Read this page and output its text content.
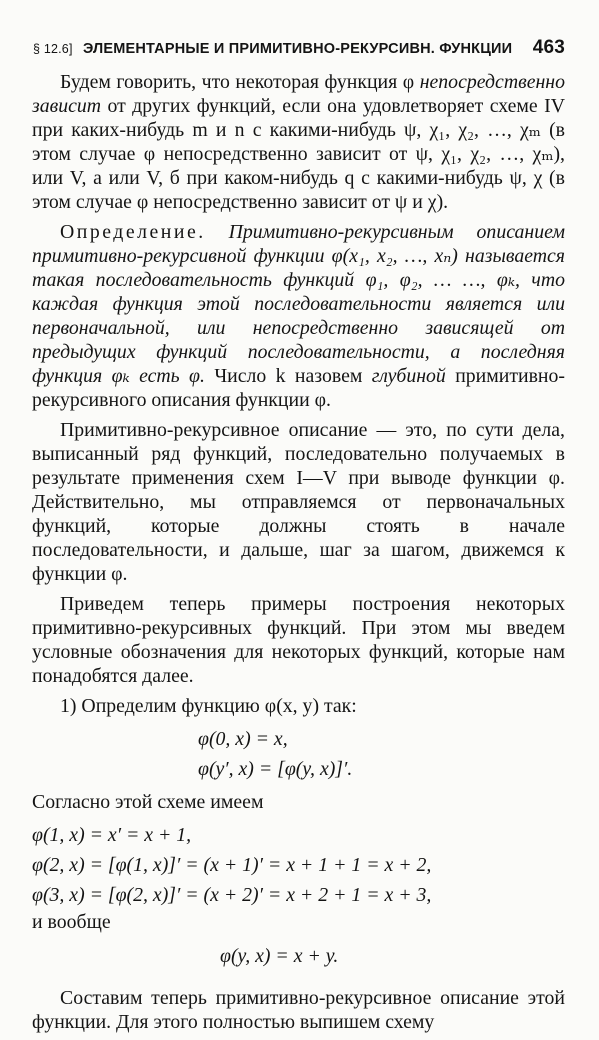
§ 12.6] ЭЛЕМЕНТАРНЫЕ И ПРИМИТИВНО-РЕКУРСИВН. ФУНКЦИИ 463

Будем говорить, что некоторая функция φ непосредственно зависит от других функций, если она удовлетворяет схеме IV при каких-нибудь m и n с какими-нибудь ψ, χ₁, χ₂, …, χₘ (в этом случае φ непосредственно зависит от ψ, χ₁, χ₂, …, χₘ), или V, a или V, б при каком-нибудь q с какими-нибудь ψ, χ (в этом случае φ непосредственно зависит от ψ и χ).

Определение. Примитивно-рекурсивным описанием примитивно-рекурсивной функции φ(x₁, x₂, …, xₙ) называется такая последовательность функций φ₁, φ₂, … …, φₖ, что каждая функция этой последовательности является или первоначальной, или непосредственно зависящей от предыдущих функций последовательности, а последняя функция φₖ есть φ. Число k назовем глубиной примитивно-рекурсивного описания функции φ.

Примитивно-рекурсивное описание — это, по сути дела, выписанный ряд функций, последовательно получаемых в результате применения схем I—V при выводе функции φ. Действительно, мы отправляемся от первоначальных функций, которые должны стоять в начале последовательности, и дальше, шаг за шагом, движемся к функции φ.

Приведем теперь примеры построения некоторых примитивно-рекурсивных функций. При этом мы введем условные обозначения для некоторых функций, которые нам понадобятся далее.

1) Определим функцию φ(x, y) так:

φ(0, x) = x,
φ(y′, x) = [φ(y, x)]′.

Согласно этой схеме имеем

φ(1, x) = x′ = x + 1,
φ(2, x) = [φ(1, x)]′ = (x + 1)′ = x + 1 + 1 = x + 2,
φ(3, x) = [φ(2, x)]′ = (x + 2)′ = x + 2 + 1 = x + 3,

и вообще

φ(y, x) = x + y.

Составим теперь примитивно-рекурсивное описание этой функции. Для этого полностью выпишем схему
